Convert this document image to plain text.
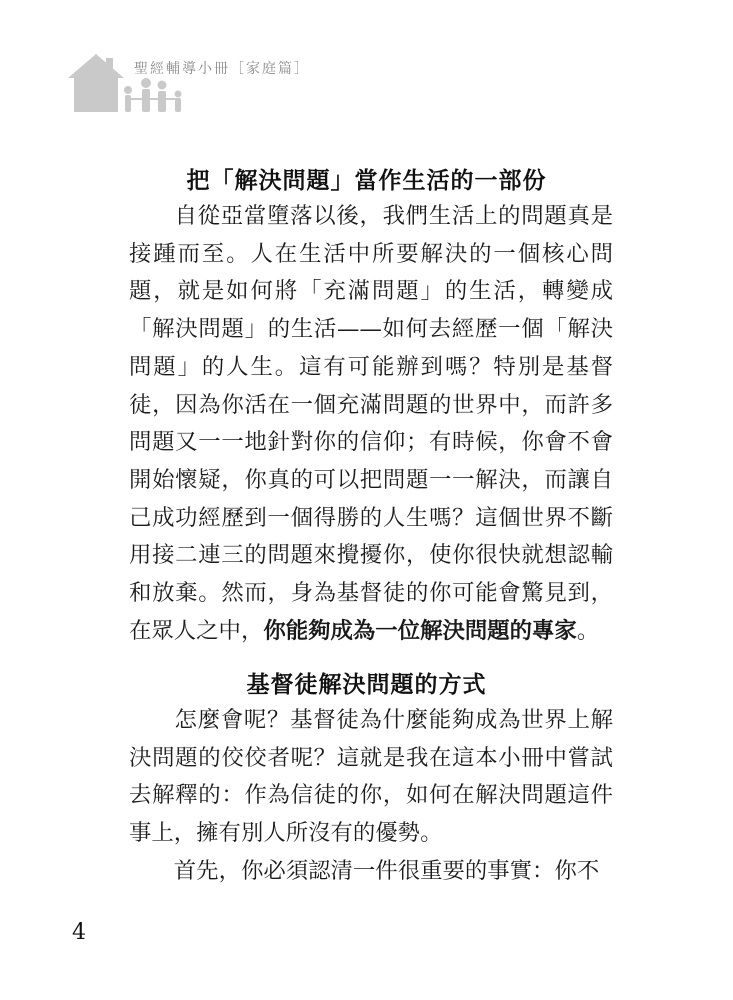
聖經輔導小冊［家庭篇］
把「解決問題」當作生活的一部份

自從亞當墮落以後，我們生活上的問題真是接踵而至。人在生活中所要解決的一個核心問題，就是如何將「充滿問題」的生活，轉變成「解決問題」的生活——如何去經歷一個「解決問題」的人生。這有可能辦到嗎？特別是基督徒，因為你活在一個充滿問題的世界中，而許多問題又一一地針對你的信仰；有時候，你會不會開始懷疑，你真的可以把問題一一解決，而讓自己成功經歷到一個得勝的人生嗎？這個世界不斷用接二連三的問題來攪擾你，使你很快就想認輸和放棄。然而，身為基督徒的你可能會驚見到，在眾人之中，你能夠成為一位解決問題的專家。

基督徒解決問題的方式

怎麼會呢？基督徒為什麼能夠成為世界上解決問題的佼佼者呢？這就是我在這本小冊中嘗試去解釋的：作為信徒的你，如何在解決問題這件事上，擁有別人所沒有的優勢。

首先，你必須認清一件很重要的事實：你不

4
